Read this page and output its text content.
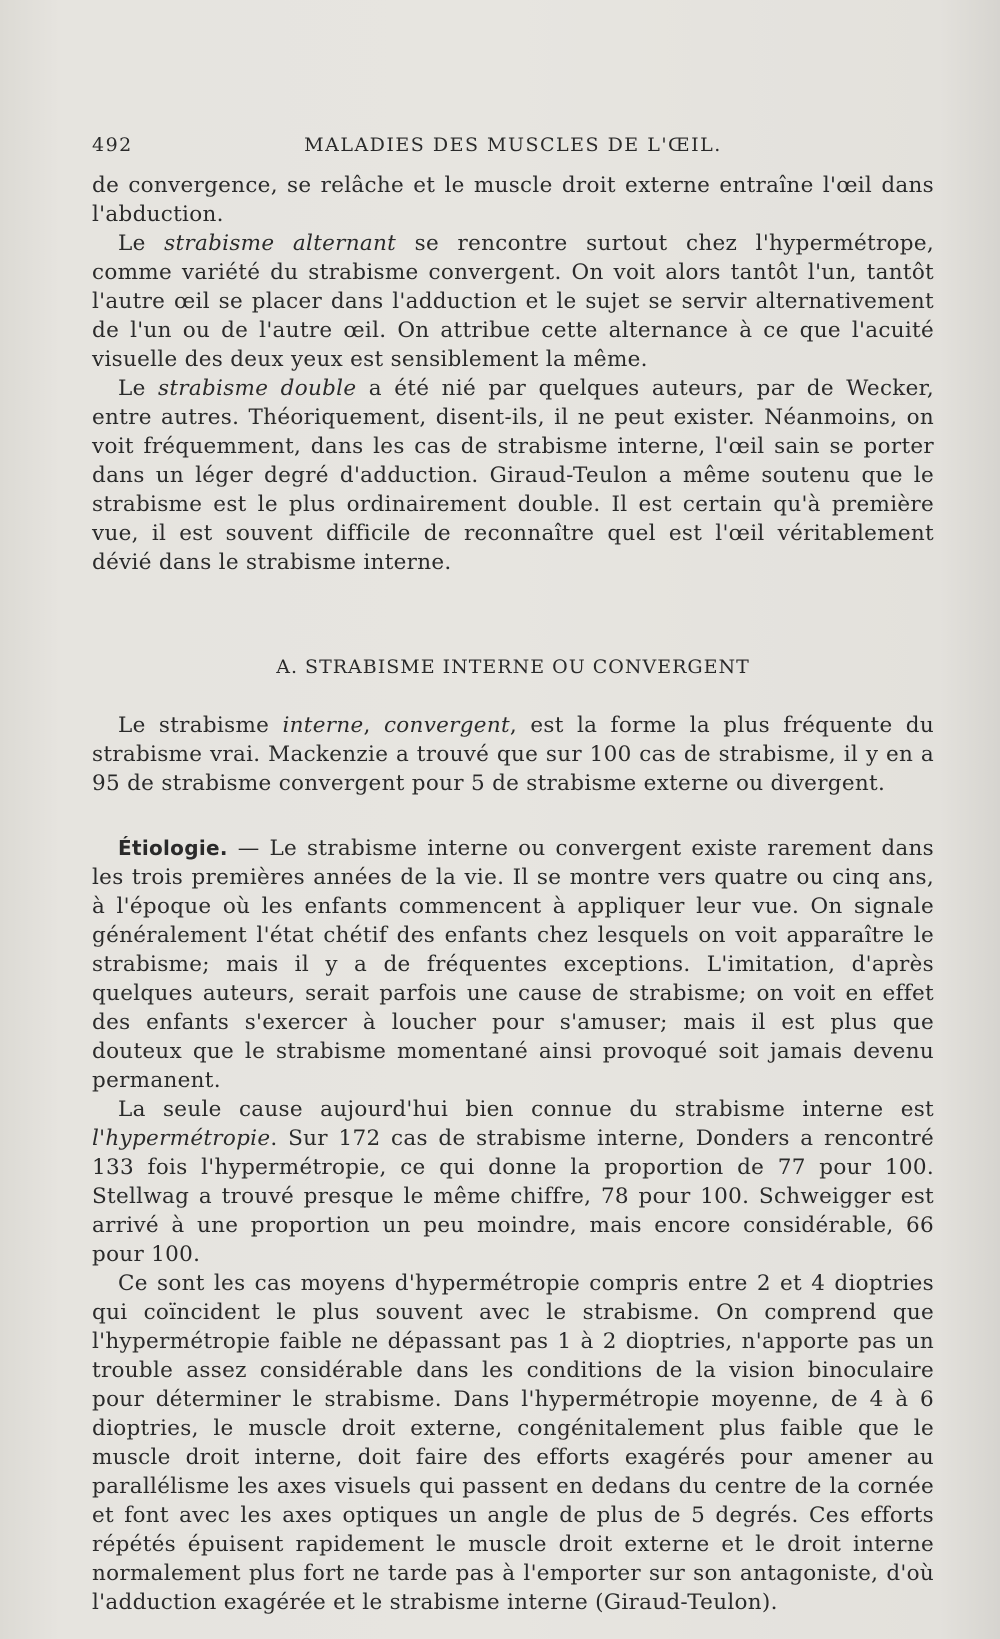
492	MALADIES DES MUSCLES DE L'ŒIL.

de convergence, se relâche et le muscle droit externe entraîne l'œil dans l'abduction.

Le strabisme alternant se rencontre surtout chez l'hypermétrope, comme variété du strabisme convergent. On voit alors tantôt l'un, tantôt l'autre œil se placer dans l'adduction et le sujet se servir alternativement de l'un ou de l'autre œil. On attribue cette alternance à ce que l'acuité visuelle des deux yeux est sensiblement la même.

Le strabisme double a été nié par quelques auteurs, par de Wecker, entre autres. Théoriquement, disent-ils, il ne peut exister. Néanmoins, on voit fréquemment, dans les cas de strabisme interne, l'œil sain se porter dans un léger degré d'adduction. Giraud-Teulon a même soutenu que le strabisme est le plus ordinairement double. Il est certain qu'à première vue, il est souvent difficile de reconnaître quel est l'œil véritablement dévié dans le strabisme interne.

A. STRABISME INTERNE OU CONVERGENT

Le strabisme interne, convergent, est la forme la plus fréquente du strabisme vrai. Mackenzie a trouvé que sur 100 cas de strabisme, il y en a 95 de strabisme convergent pour 5 de strabisme externe ou divergent.

Étiologie. — Le strabisme interne ou convergent existe rarement dans les trois premières années de la vie. Il se montre vers quatre ou cinq ans, à l'époque où les enfants commencent à appliquer leur vue. On signale généralement l'état chétif des enfants chez lesquels on voit apparaître le strabisme; mais il y a de fréquentes exceptions. L'imitation, d'après quelques auteurs, serait parfois une cause de strabisme; on voit en effet des enfants s'exercer à loucher pour s'amuser; mais il est plus que douteux que le strabisme momentané ainsi provoqué soit jamais devenu permanent.

La seule cause aujourd'hui bien connue du strabisme interne est l'hypermétropie. Sur 172 cas de strabisme interne, Donders a rencontré 133 fois l'hypermétropie, ce qui donne la proportion de 77 pour 100. Stellwag a trouvé presque le même chiffre, 78 pour 100. Schweigger est arrivé à une proportion un peu moindre, mais encore considérable, 66 pour 100.

Ce sont les cas moyens d'hypermétropie compris entre 2 et 4 dioptries qui coïncident le plus souvent avec le strabisme. On comprend que l'hypermétropie faible ne dépassant pas 1 à 2 dioptries, n'apporte pas un trouble assez considérable dans les conditions de la vision binoculaire pour déterminer le strabisme. Dans l'hypermétropie moyenne, de 4 à 6 dioptries, le muscle droit externe, congénitalement plus faible que le muscle droit interne, doit faire des efforts exagérés pour amener au parallélisme les axes visuels qui passent en dedans du centre de la cornée et font avec les axes optiques un angle de plus de 5 degrés. Ces efforts répétés épuisent rapidement le muscle droit externe et le droit interne normalement plus fort ne tarde pas à l'emporter sur son antagoniste, d'où l'adduction exagérée et le strabisme interne (Giraud-Teulon).
